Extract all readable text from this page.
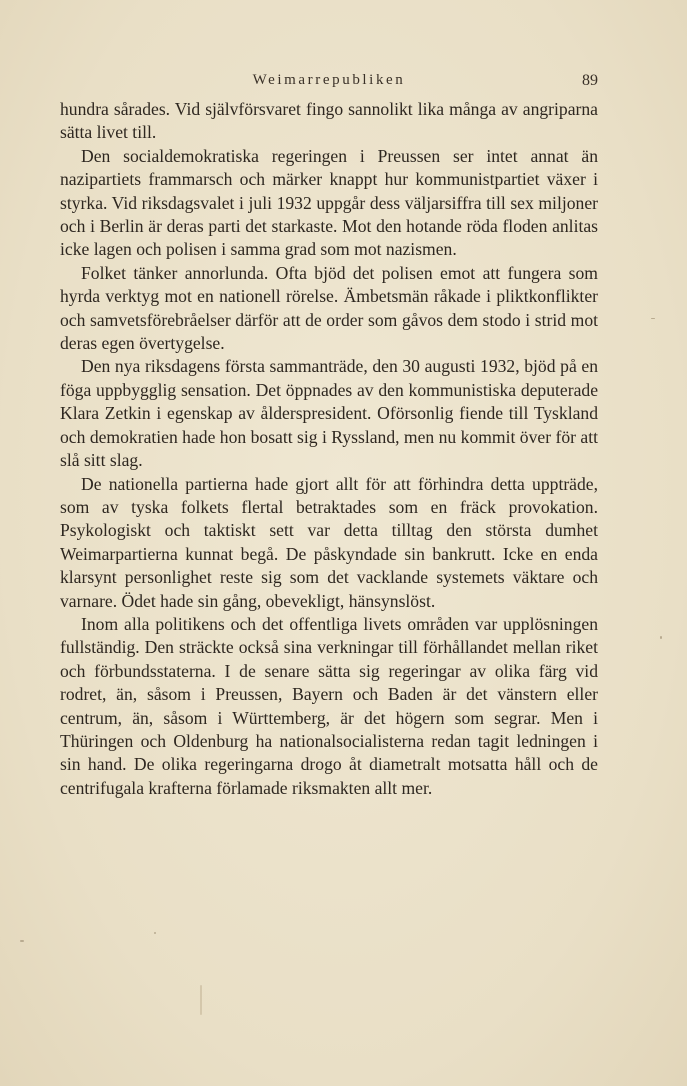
Weimarrepubliken	89

hundra sårades. Vid självförsvaret fingo sannolikt lika många av angriparna sätta livet till.

Den socialdemokratiska regeringen i Preussen ser intet annat än nazipartiets frammarsch och märker knappt hur kommunistpartiet växer i styrka. Vid riksdagsvalet i juli 1932 uppgår dess väljarsiffra till sex miljoner och i Berlin är deras parti det starkaste. Mot den hotande röda floden anlitas icke lagen och polisen i samma grad som mot nazismen.

Folket tänker annorlunda. Ofta bjöd det polisen emot att fungera som hyrda verktyg mot en nationell rörelse. Ämbetsmän råkade i pliktkonflikter och samvetsförebråelser därför att de order som gåvos dem stodo i strid mot deras egen övertygelse.

Den nya riksdagens första sammanträde, den 30 augusti 1932, bjöd på en föga uppbygglig sensation. Det öppnades av den kommunistiska deputerade Klara Zetkin i egenskap av ålderspresident. Oförsonlig fiende till Tyskland och demokratien hade hon bosatt sig i Ryssland, men nu kommit över för att slå sitt slag.

De nationella partierna hade gjort allt för att förhindra detta uppträde, som av tyska folkets flertal betraktades som en fräck provokation. Psykologiskt och taktiskt sett var detta tilltag den största dumhet Weimarpartierna kunnat begå. De påskyndade sin bankrutt. Icke en enda klarsynt personlighet reste sig som det vacklande systemets väktare och varnare. Ödet hade sin gång, obevekligt, hänsynslöst.

Inom alla politikens och det offentliga livets områden var upplösningen fullständig. Den sträckte också sina verkningar till förhållandet mellan riket och förbundsstaterna. I de senare sätta sig regeringar av olika färg vid rodret, än, såsom i Preussen, Bayern och Baden är det vänstern eller centrum, än, såsom i Württemberg, är det högern som segrar. Men i Thüringen och Oldenburg ha nationalsocialisterna redan tagit ledningen i sin hand. De olika regeringarna drogo åt diametralt motsatta håll och de centrifugala krafterna förlamade riksmakten allt mer.
